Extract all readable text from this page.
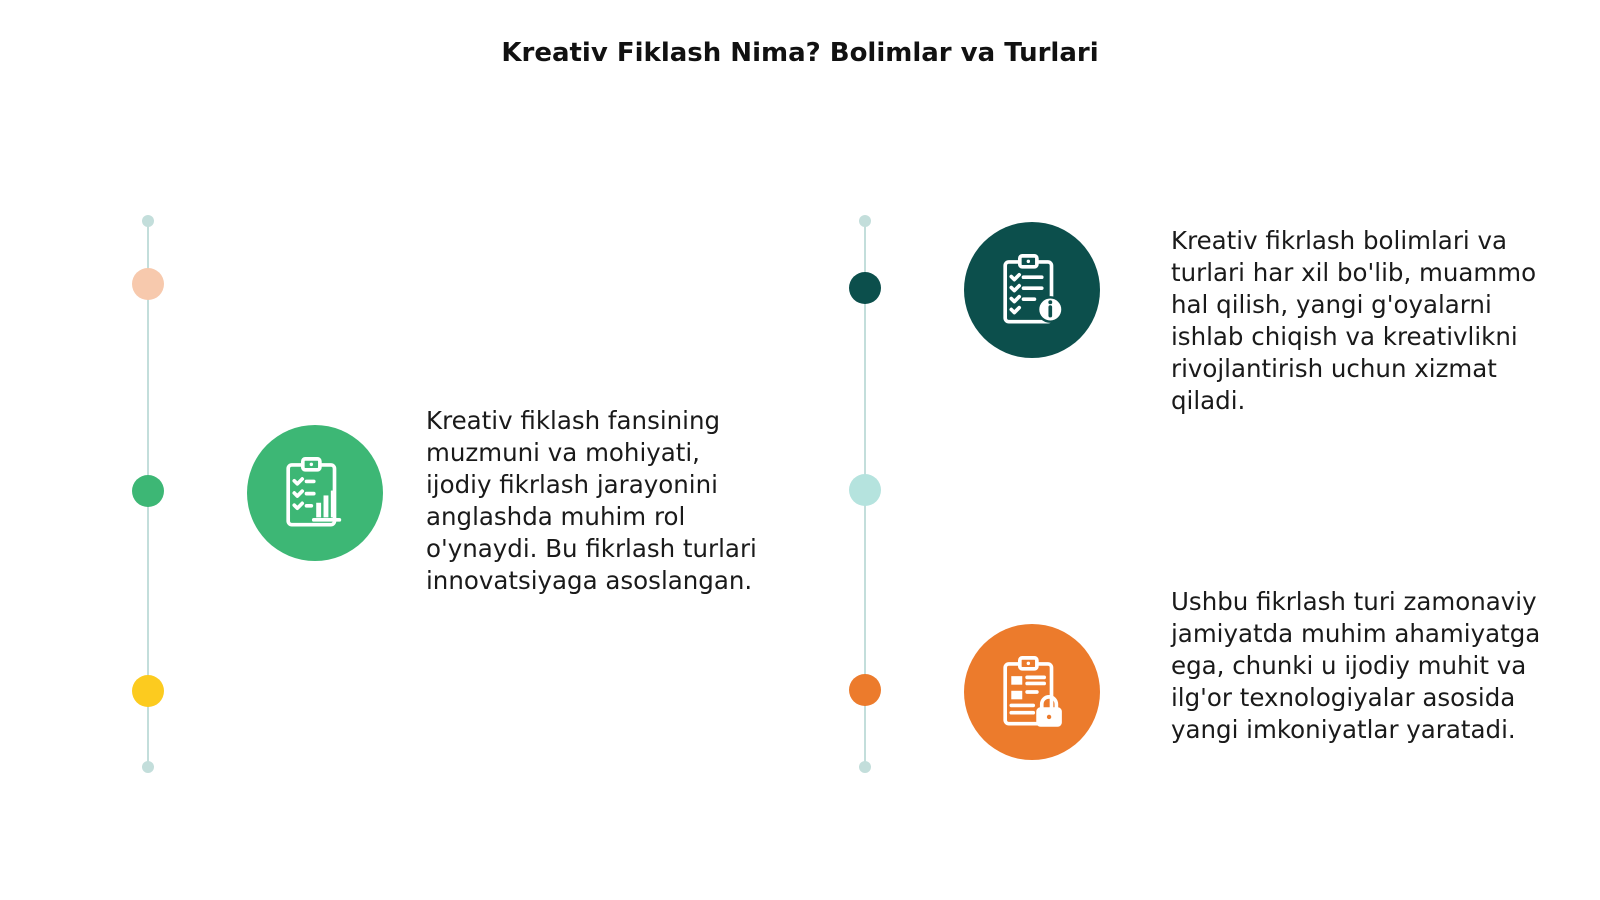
Kreativ Fiklash Nima? Bolimlar va Turlari

Kreativ fiklash fansining muzmuni va mohiyati, ijodiy fikrlash jarayonini anglashda muhim rol o'ynaydi. Bu fikrlash turlari innovatsiyaga asoslangan.

Kreativ fikrlash bolimlari va turlari har xil bo'lib, muammo hal qilish, yangi g'oyalarni ishlab chiqish va kreativlikni rivojlantirish uchun xizmat qiladi.

Ushbu fikrlash turi zamonaviy jamiyatda muhim ahamiyatga ega, chunki u ijodiy muhit va ilg'or texnologiyalar asosida yangi imkoniyatlar yaratadi.
